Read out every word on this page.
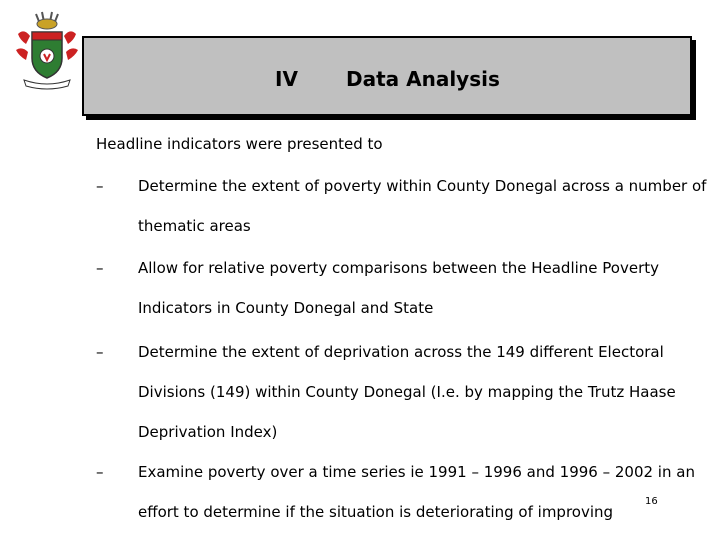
IV Data Analysis
Headline indicators were presented to
–
–
–
–
Determine the extent of poverty within County Donegal across a number of thematic areas
Allow for relative poverty comparisons between the Headline Poverty Indicators in County Donegal and State
Determine the extent of deprivation across the 149 different Electoral Divisions (149) within County Donegal (I.e. by mapping the Trutz Haase Deprivation Index)
Examine poverty over a time series ie 1991 – 1996 and 1996 – 2002 in an effort to determine if the situation is deteriorating of improving
16
